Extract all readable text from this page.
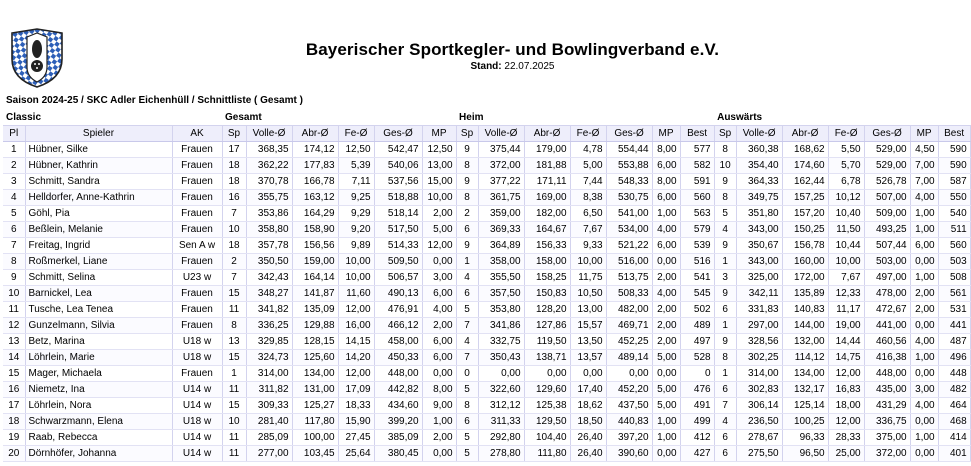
Bayerischer Sportkegler- und Bowlingverband e.V.
Stand: 22.07.2025
Saison 2024-25 / SKC Adler Eichenhüll / Schnittliste ( Gesamt )
Classic			Gesamt						Heim							Auswärts						
Pl	Spieler	AK	Sp	Volle-Ø	Abr-Ø	Fe-Ø	Ges-Ø	MP	Sp	Volle-Ø	Abr-Ø	Fe-Ø	Ges-Ø	MP	Best	Sp	Volle-Ø	Abr-Ø	Fe-Ø	Ges-Ø	MP	Best
1	Hübner, Silke	Frauen	17	368,35	174,12	12,50	542,47	12,50	9	375,44	179,00	4,78	554,44	8,00	577	8	360,38	168,62	5,50	529,00	4,50	590
2	Hübner, Kathrin	Frauen	18	362,22	177,83	5,39	540,06	13,00	8	372,00	181,88	5,00	553,88	6,00	582	10	354,40	174,60	5,70	529,00	7,00	590
3	Schmitt, Sandra	Frauen	18	370,78	166,78	7,11	537,56	15,00	9	377,22	171,11	7,44	548,33	8,00	591	9	364,33	162,44	6,78	526,78	7,00	587
4	Helldorfer, Anne-Kathrin	Frauen	16	355,75	163,12	9,25	518,88	10,00	8	361,75	169,00	8,38	530,75	6,00	560	8	349,75	157,25	10,12	507,00	4,00	550
5	Göhl, Pia	Frauen	7	353,86	164,29	9,29	518,14	2,00	2	359,00	182,00	6,50	541,00	1,00	563	5	351,80	157,20	10,40	509,00	1,00	540
6	Beßlein, Melanie	Frauen	10	358,80	158,90	9,20	517,50	5,00	6	369,33	164,67	7,67	534,00	4,00	579	4	343,00	150,25	11,50	493,25	1,00	511
7	Freitag, Ingrid	Sen A w	18	357,78	156,56	9,89	514,33	12,00	9	364,89	156,33	9,33	521,22	6,00	539	9	350,67	156,78	10,44	507,44	6,00	560
8	Roßmerkel, Liane	Frauen	2	350,50	159,00	10,00	509,50	0,00	1	358,00	158,00	10,00	516,00	0,00	516	1	343,00	160,00	10,00	503,00	0,00	503
9	Schmitt, Selina	U23 w	7	342,43	164,14	10,00	506,57	3,00	4	355,50	158,25	11,75	513,75	2,00	541	3	325,00	172,00	7,67	497,00	1,00	508
10	Barnickel, Lea	Frauen	15	348,27	141,87	11,60	490,13	6,00	6	357,50	150,83	10,50	508,33	4,00	545	9	342,11	135,89	12,33	478,00	2,00	561
11	Tusche, Lea Tenea	Frauen	11	341,82	135,09	12,00	476,91	4,00	5	353,80	128,20	13,00	482,00	2,00	502	6	331,83	140,83	11,17	472,67	2,00	531
12	Gunzelmann, Silvia	Frauen	8	336,25	129,88	16,00	466,12	2,00	7	341,86	127,86	15,57	469,71	2,00	489	1	297,00	144,00	19,00	441,00	0,00	441
13	Betz, Marina	U18 w	13	329,85	128,15	14,15	458,00	6,00	4	332,75	119,50	13,50	452,25	2,00	497	9	328,56	132,00	14,44	460,56	4,00	487
14	Löhrlein, Marie	U18 w	15	324,73	125,60	14,20	450,33	6,00	7	350,43	138,71	13,57	489,14	5,00	528	8	302,25	114,12	14,75	416,38	1,00	496
15	Mager, Michaela	Frauen	1	314,00	134,00	12,00	448,00	0,00	0	0,00	0,00	0,00	0,00	0,00	0	1	314,00	134,00	12,00	448,00	0,00	448
16	Niemetz, Ina	U14 w	11	311,82	131,00	17,09	442,82	8,00	5	322,60	129,60	17,40	452,20	5,00	476	6	302,83	132,17	16,83	435,00	3,00	482
17	Löhrlein, Nora	U14 w	15	309,33	125,27	18,33	434,60	9,00	8	312,12	125,38	18,62	437,50	5,00	491	7	306,14	125,14	18,00	431,29	4,00	464
18	Schwarzmann, Elena	U18 w	10	281,40	117,80	15,90	399,20	1,00	6	311,33	129,50	18,50	440,83	1,00	499	4	236,50	100,25	12,00	336,75	0,00	468
19	Raab, Rebecca	U14 w	11	285,09	100,00	27,45	385,09	2,00	5	292,80	104,40	26,40	397,20	1,00	412	6	278,67	96,33	28,33	375,00	1,00	414
20	Dörnhöfer, Johanna	U14 w	11	277,00	103,45	25,64	380,45	0,00	5	278,80	111,80	26,40	390,60	0,00	427	6	275,50	96,50	25,00	372,00	0,00	401
